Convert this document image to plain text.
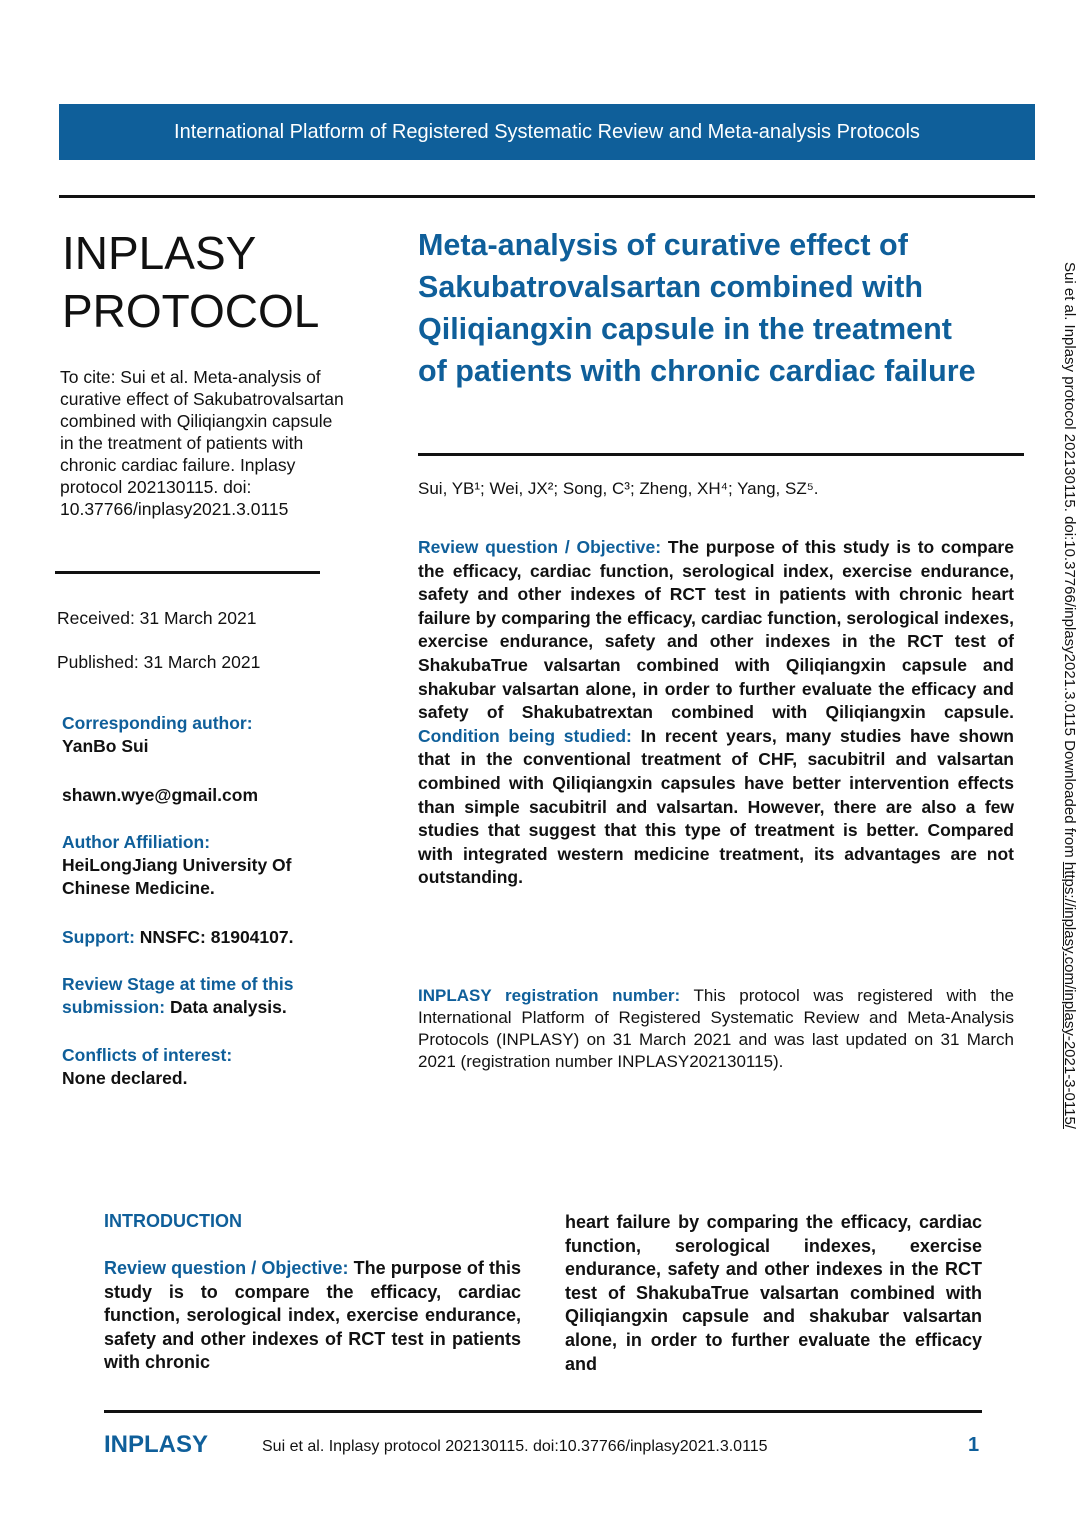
International Platform of Registered Systematic Review and Meta-analysis Protocols
INPLASY
PROTOCOL
To cite: Sui et al. Meta-analysis of curative effect of Sakubatrovalsartan combined with Qiliqiangxin capsule in the treatment of patients with chronic cardiac failure. Inplasy protocol 202130115. doi: 10.37766/inplasy2021.3.0115
Received: 31 March 2021
Published: 31 March 2021
Corresponding author:
YanBo Sui
shawn.wye@gmail.com
Author Affiliation:
HeiLongJiang University Of Chinese Medicine.
Support: NNSFC: 81904107.
Review Stage at time of this submission: Data analysis.
Conflicts of interest:
None declared.
Meta-analysis of curative effect of Sakubatrovalsartan combined with Qiliqiangxin capsule in the treatment of patients with chronic cardiac failure
Sui, YB¹; Wei, JX²; Song, C³; Zheng, XH⁴; Yang, SZ⁵.
Review question / Objective: The purpose of this study is to compare the efficacy, cardiac function, serological index, exercise endurance, safety and other indexes of RCT test in patients with chronic heart failure by comparing the efficacy, cardiac function, serological indexes, exercise endurance, safety and other indexes in the RCT test of ShakubaTrue valsartan combined with Qiliqiangxin capsule and shakubar valsartan alone, in order to further evaluate the efficacy and safety of Shakubatrextan combined with Qiliqiangxin capsule. Condition being studied: In recent years, many studies have shown that in the conventional treatment of CHF, sacubitril and valsartan combined with Qiliqiangxin capsules have better intervention effects than simple sacubitril and valsartan. However, there are also a few studies that suggest that this type of treatment is better. Compared with integrated western medicine treatment, its advantages are not outstanding.
INPLASY registration number: This protocol was registered with the International Platform of Registered Systematic Review and Meta-Analysis Protocols (INPLASY) on 31 March 2021 and was last updated on 31 March 2021 (registration number INPLASY202130115).
Sui et al. Inplasy protocol 202130115. doi:10.37766/inplasy2021.3.0115 Downloaded from https://inplasy.com/inplasy-2021-3-0115/
INTRODUCTION
Review question / Objective: The purpose of this study is to compare the efficacy, cardiac function, serological index, exercise endurance, safety and other indexes of RCT test in patients with chronic
heart failure by comparing the efficacy, cardiac function, serological indexes, exercise endurance, safety and other indexes in the RCT test of ShakubaTrue valsartan combined with Qiliqiangxin capsule and shakubar valsartan alone, in order to further evaluate the efficacy and
INPLASY	Sui et al. Inplasy protocol 202130115. doi:10.37766/inplasy2021.3.0115	1
